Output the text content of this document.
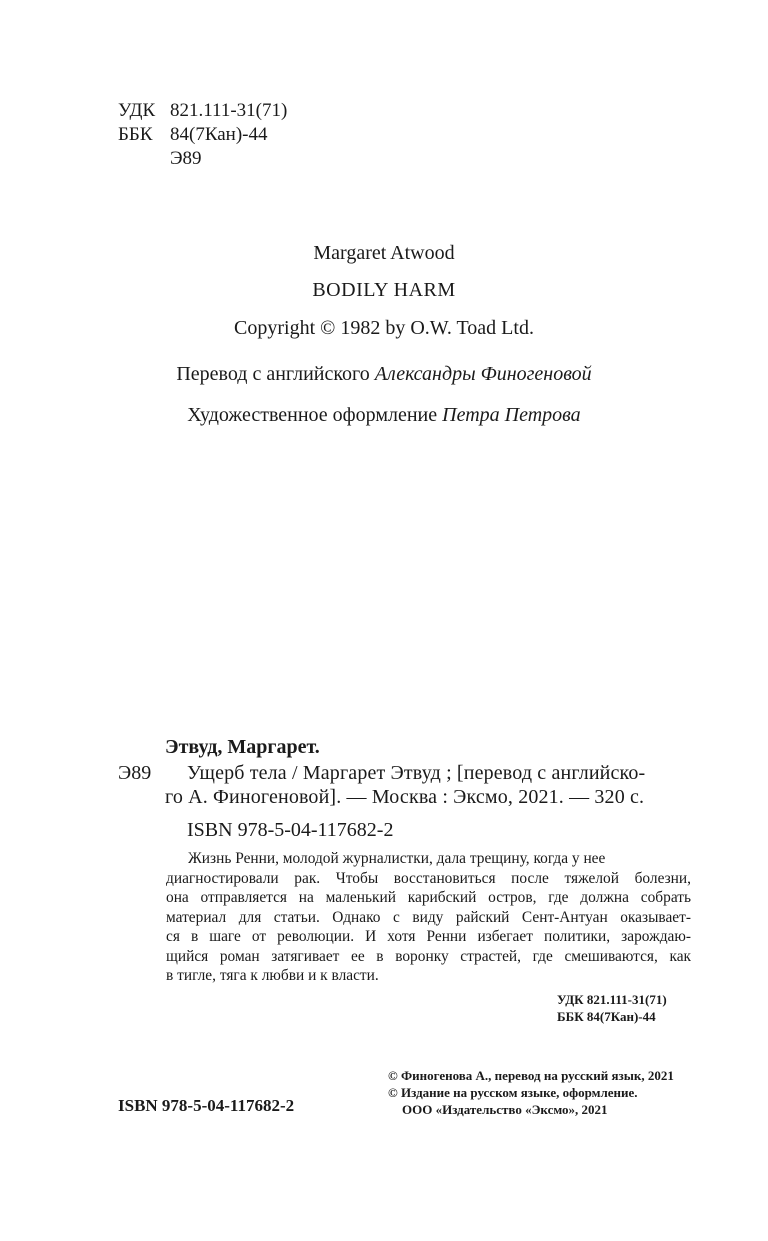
УДК 821.111-31(71)
ББК 84(7Кан)-44
Э89
Margaret Atwood
BODILY HARM
Copyright © 1982 by O.W. Toad Ltd.
Перевод с английского Александры Финогеновой
Художественное оформление Петра Петрова
Этвуд, Маргарет.
Э89 Ущерб тела / Маргарет Этвуд ; [перевод с английско-
го А. Финогеновой]. — Москва : Эксмо, 2021. — 320 с.
ISBN 978-5-04-117682-2

Жизнь Ренни, молодой журналистки, дала трещину, когда у нее

диагностировали рак. Чтобы восстановиться после тяжелой болезни,

она отправляется на маленький карибский остров, где должна собрать

материал для статьи. Однако с виду райский Сент-Антуан оказывает-

ся в шаге от революции. И хотя Ренни избегает политики, зарождаю-

щийся роман затягивает ее в воронку страстей, где смешиваются, как

в тигле, тяга к любви и к власти.

УДК 821.111-31(71)
ББК 84(7Кан)-44
ISBN 978-5-04-117682-2
© Финогенова А., перевод на русский язык, 2021
© Издание на русском языке, оформление.
ООО «Издательство «Эксмо», 2021
